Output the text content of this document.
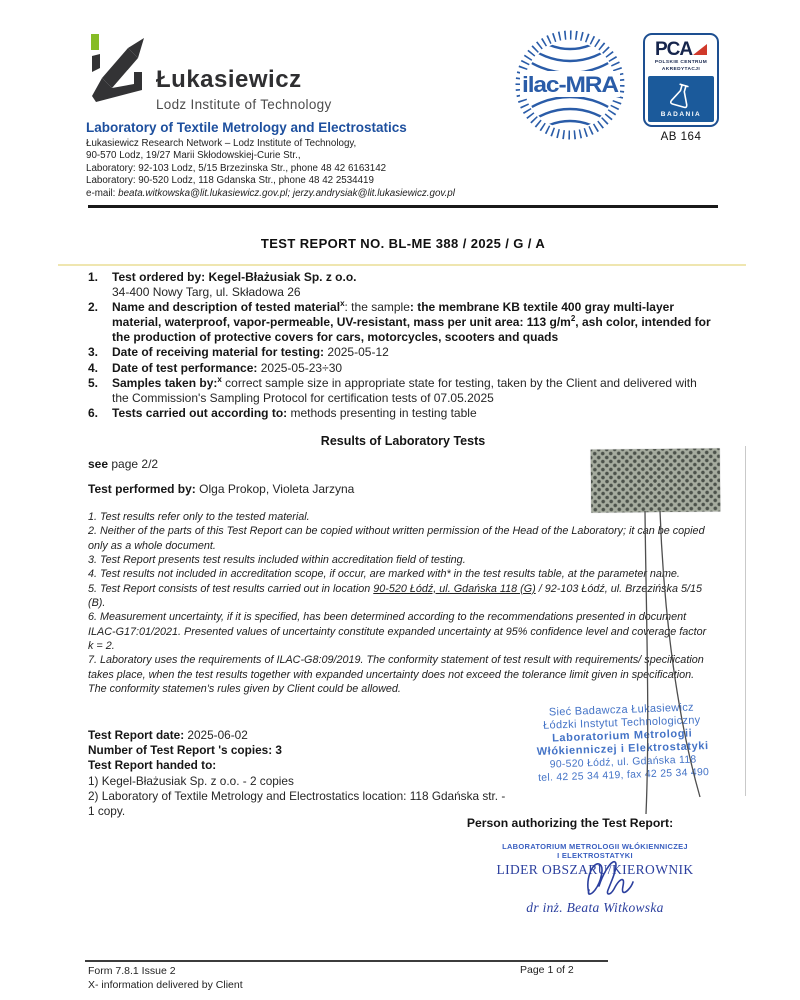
Łukasiewicz
Lodz Institute of Technology
Laboratory of Textile Metrology and Electrostatics
Łukasiewicz Research Network – Lodz Institute of Technology,
90-570 Lodz, 19/27 Marii Skłodowskiej-Curie Str.,
Laboratory: 92-103 Lodz, 5/15 Brzezinska Str., phone 48 42 6163142
Laboratory: 90-520 Lodz, 118 Gdanska Str., phone 48 42 2534419
e-mail: beata.witkowska@lit.lukasiewicz.gov.pl; jerzy.andrysiak@lit.lukasiewicz.gov.pl
ilac-MRA
PCA
POLSKIE CENTRUM
AKREDYTACJI
BADANIA
AB 164
TEST REPORT NO. BL-ME 388 / 2025 / G / A
1.	Test ordered by: Kegel-Błażusiak Sp. z o.o.
34-400 Nowy Targ, ul. Składowa 26
2.	Name and description of tested material$^x$: the sample: the membrane KB textile 400 gray multi-layer material, waterproof, vapor-permeable, UV-resistant, mass per unit area: 113 $g/m^2$, ash color, intended for the production of protective covers for cars, motorcycles, scooters and quads
3.	Date of receiving material for testing: 2025-05-12
4.	Date of test performance: 2025-05-23÷30
5.	Samples taken by:$^x$ correct sample size in appropriate state for testing, taken by the Client and delivered with the Commission's Sampling Protocol for certification tests of 07.05.2025
6.	Tests carried out according to: methods presenting in testing table
Results of Laboratory Tests
see page 2/2
Test performed by: Olga Prokop, Violeta Jarzyna

1. Test results refer only to the tested material.

2. Neither of the parts of this Test Report can be copied without written permission of the Head of the Laboratory; it can be copied only as a whole document.

3. Test Report presents test results included within accreditation field of testing.

4. Test results not included in accreditation scope, if occur, are marked with* in the test results table, at the parameter name.

5. Test Report consists of test results carried out in location 90-520 Łódź, ul. Gdańska 118 (G) / 92-103 Łódź, ul. Brzezińska 5/15 (B).

6. Measurement uncertainty, if it is specified, has been determined according to the recommendations presented in document ILAC-G17:01/2021. Presented values of uncertainty constitute expanded uncertainty at 95% confidence level and coverage factor k = 2.

7. Laboratory uses the requirements of ILAC-G8:09/2019. The conformity statement of test result with requirements/ specification takes place, when the test results together with expanded uncertainty does not exceed the tolerance limit given in specification. The conformity statemen's rules given by Client could be allowed.

Sieć Badawcza Łukasiewicz
Łódzki Instytut Technologiczny
Laboratorium Metrologii
Włókienniczej i Elektrostatyki
90-520 Łódź, ul. Gdańska 118
tel. 42 25 34 419, fax 42 25 34 490

Test Report date: 2025-06-02

Number of Test Report 's copies: 3

Test Report handed to:

1) Kegel-Błażusiak Sp. z o.o. - 2 copies

2) Laboratory of Textile Metrology and Electrostatics location: 118 Gdańska str. - 1 copy.

Person authorizing the Test Report:
LABORATORIUM METROLOGII WŁÓKIENNICZEJ
I ELEKTROSTATYKI
LIDER OBSZARU/KIEROWNIK
dr inż. Beata Witkowska
Form 7.8.1 Issue 2
X- information delivered by Client
Page 1 of 2
